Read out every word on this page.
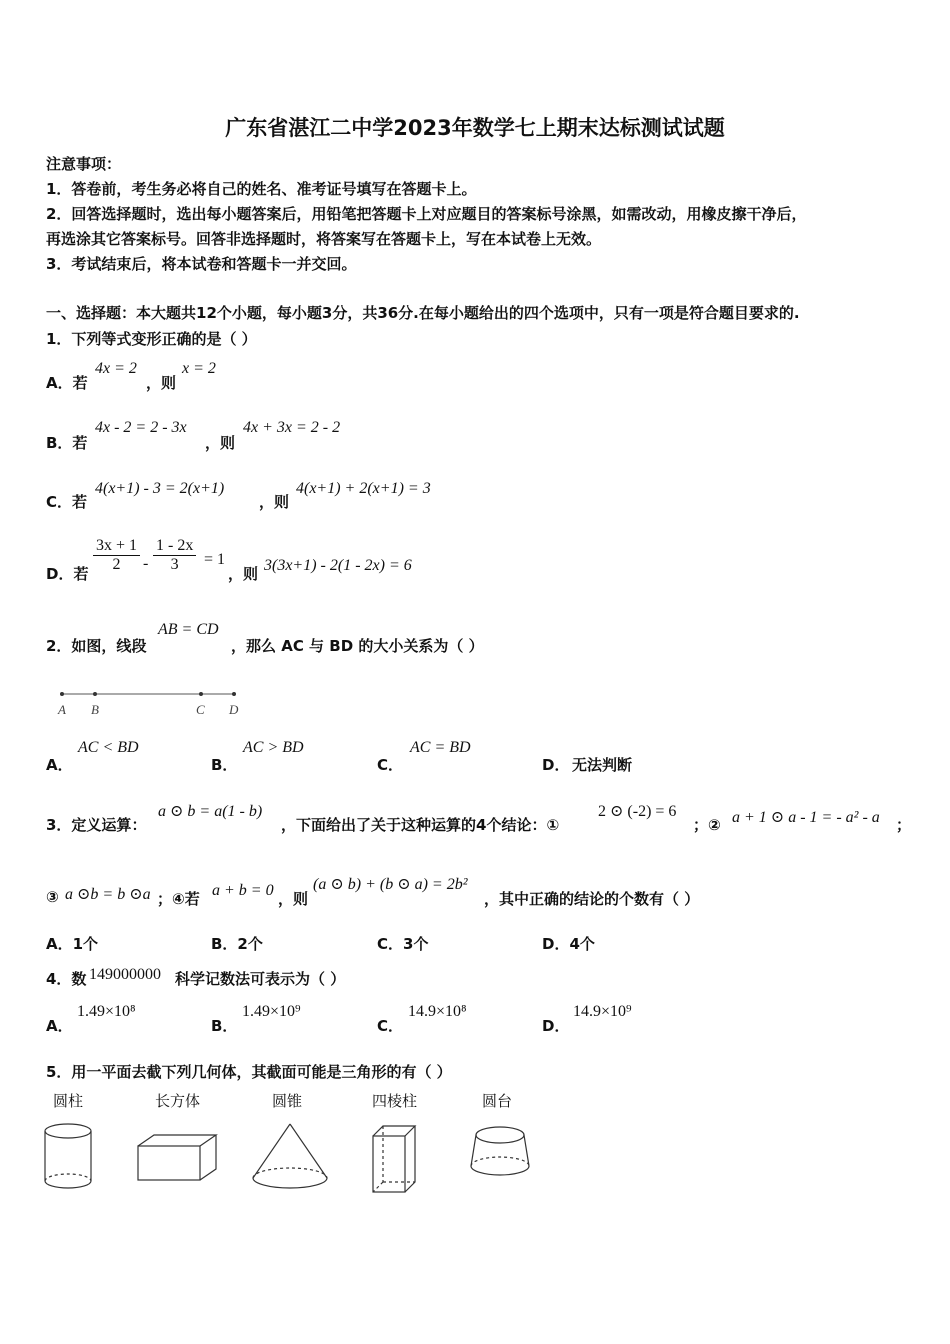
广东省湛江二中学2023年数学七上期末达标测试试题
注意事项：
1．答卷前，考生务必将自己的姓名、准考证号填写在答题卡上。
2．回答选择题时，选出每小题答案后，用铅笔把答题卡上对应题目的答案标号涂黑，如需改动，用橡皮擦干净后，
再选涂其它答案标号。回答非选择题时，将答案写在答题卡上，写在本试卷上无效。
3．考试结束后，将本试卷和答题卡一并交回。
一、选择题：本大题共12个小题，每小题3分，共36分.在每小题给出的四个选项中，只有一项是符合题目要求的.
1．下列等式变形正确的是（ ）
A．若
4x = 2
，则
x = 2
B．若
4x - 2 = 2 - 3x
，则
4x + 3x = 2 - 2
C．若
4(x+1) - 3 = 2(x+1)
，则
4(x+1) + 2(x+1) = 3
D．若 $\frac{3x + 1}{2} - \frac{1 - 2x}{3} = 1$
，则 3(3x+1) - 2(1 - 2x) = 6
2．如图，线段
AB = CD
，那么 AC 与 BD 的大小关系为（ ）
A B	C D
A．
AC < BD
B．
AC > BD
C．
AC = BD
D． 无法判断
3．定义运算：
a ⊙ b = a(1 - b)
，下面给出了关于这种运算的4个结论：①
2 ⊙ (-2) = 6
；② a + 1 ⊙ a - 1 = - a² - a ；
③ a ⊙b = b ⊙a ；④若 a + b = 0 ，则
(a ⊙ b) + (b ⊙ a) = 2b²
，其中正确的结论的个数有（ ）
A．1个	B．2个	C．3个	D．4个
4．数 149000000 科学记数法可表示为（ ）
A．
1.49×10⁸
B．
1.49×10⁹
C．
14.9×10⁸
D．
14.9×10⁹
5．用一平面去截下列几何体，其截面可能是三角形的有（ ）
圆柱	长方体	圆锥	四棱柱	圆台
